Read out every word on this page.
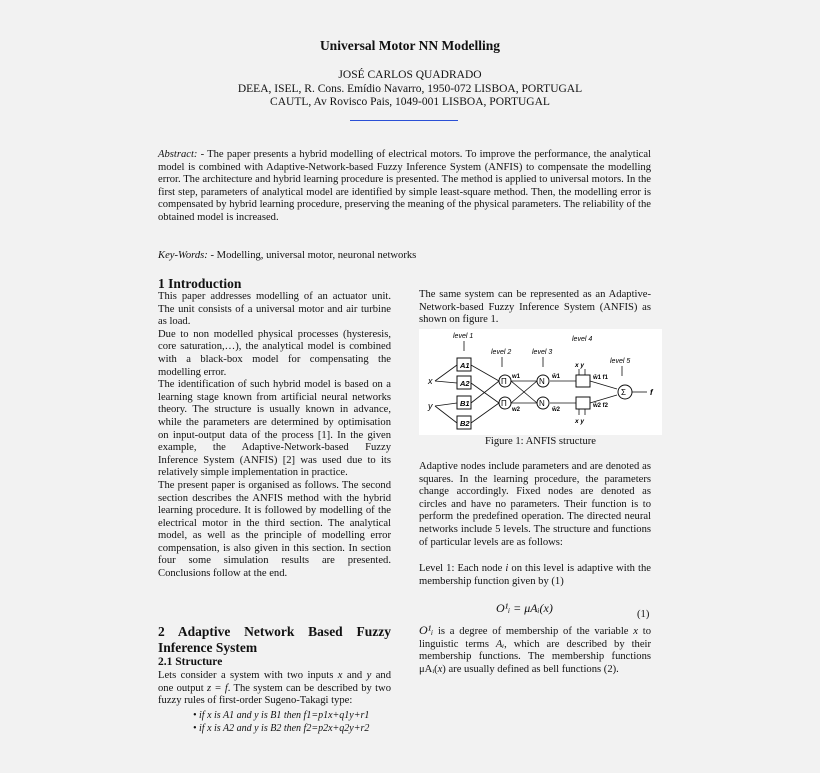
Universal Motor NN Modelling
JOSÉ CARLOS QUADRADO
DEEA, ISEL, R. Cons. Emídio Navarro, 1950-072 LISBOA, PORTUGAL
CAUTL, Av Rovisco Pais, 1049-001 LISBOA, PORTUGAL
Abstract: - The paper presents a hybrid modelling of electrical motors. To improve the performance, the analytical model is combined with Adaptive-Network-based Fuzzy Inference System (ANFIS) to compensate the modelling error. The architecture and hybrid learning procedure is presented. The method is applied to universal motors. In the first step, parameters of analytical model are identified by simple least-square method. Then, the modelling error is compensated by hybrid learning procedure, preserving the meaning of the physical parameters. The reliability of the obtained model is increased.
Key-Words: - Modelling, universal motor, neuronal networks
1 Introduction

This paper addresses modelling of an actuator unit. The unit consists of a universal motor and air turbine as load.

Due to non modelled physical processes (hysteresis, core saturation,…), the analytical model is combined with a black-box model for compensating the modelling error.

The identification of such hybrid model is based on a learning stage known from artificial neural networks theory. The structure is usually known in advance, while the parameters are determined by optimisation on input-output data of the process [1]. In the given example, the Adaptive-Network-based Fuzzy Inference System (ANFIS) [2] was used due to its relatively simple implementation in practice.

The present paper is organised as follows. The second section describes the ANFIS method with the hybrid learning procedure. It is followed by modelling of the electrical motor in the third section. The analytical model, as well as the principle of modelling error compensation, is also given in this section. In section four some simulation results are presented. Conclusions follow at the end.

2 Adaptive Network Based Fuzzy Inference System
2.1 Structure
Lets consider a system with two inputs x and y and one output z = f. The system can be described by two fuzzy rules of first-order Sugeno-Takagi type:
• if x is A1 and y is B1 then f1=p1x+q1y+r1
• if x is A2 and y is B2 then f2=p2x+q2y+r2
The same system can be represented as an Adaptive-Network-based Fuzzy Inference System (ANFIS) as shown on figure 1.
level 1
level 2	level 3
level 4
level 5
x
y
A1
A2
B1
B2
Π
Π
w1
w2
N
N
w̄1
w̄2
x y
x y
w̄1 f1
w̄2 f2
Σ	f
Figure 1: ANFIS structure
Adaptive nodes include parameters and are denoted as squares. In the learning procedure, the parameters change accordingly. Fixed nodes are denoted as circles and have no parameters. Their function is to perform the predefined operation. The directed neural networks include 5 levels. The structure and functions of particular levels are as follows:
Level 1: Each node i on this level is adaptive with the membership function given by (1)
O¹ᵢ = μAᵢ(x)	(1)
O¹ᵢ is a degree of membership of the variable x to linguistic terms Aᵢ, which are described by their membership functions. The membership functions μAᵢ(x) are usually defined as bell functions (2).
